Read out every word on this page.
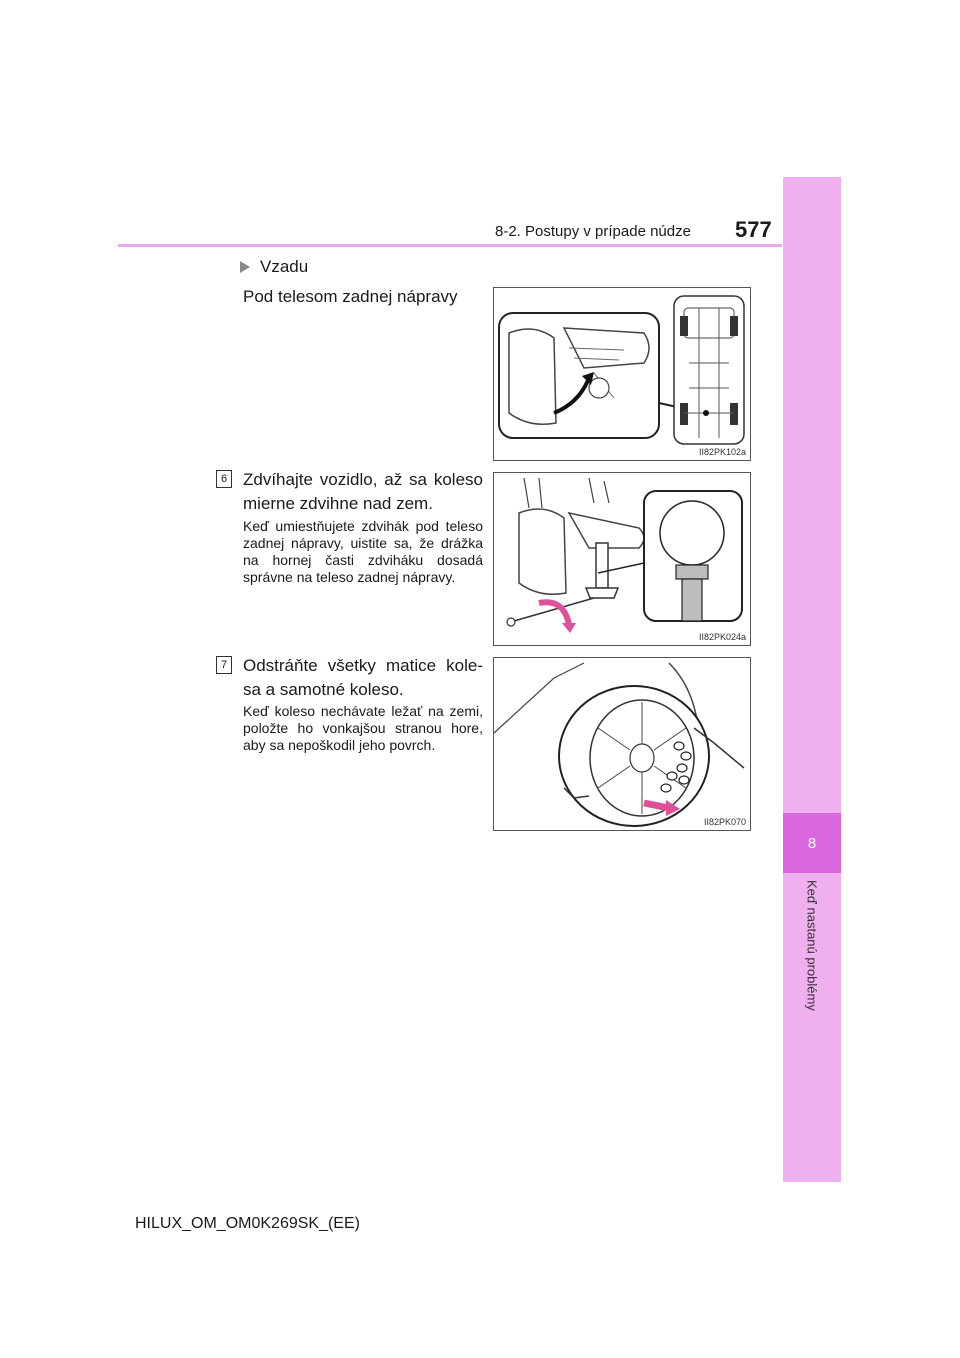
8
Keď nastanú problémy
8-2. Postupy v prípade núdze 577
Vzadu
Pod telesom zadnej nápravy
6 Zdvíhajte vozidlo, až sa koleso
mierne zdvihne nad zem.
Keď umiestňujete zdvihák pod teleso zadnej nápravy, uistite sa, že drážka na hornej časti zdviháku dosadá správne na teleso zadnej nápravy.
7 Odstráňte všetky matice kole-
sa a samotné koleso.
Keď koleso nechávate ležať na zemi, položte ho vonkajšou stranou hore, aby sa nepoškodil jeho povrch.
II82PK102a
II82PK024a
II82PK070
HILUX_OM_OM0K269SK_(EE)
